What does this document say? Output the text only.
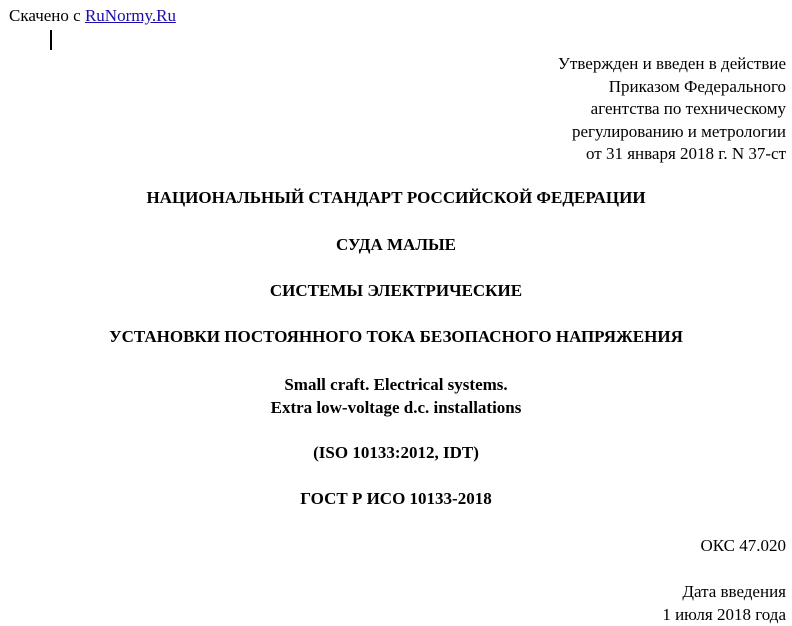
Скачено с RuNormy.Ru
Утвержден и введен в действие
Приказом Федерального
агентства по техническому
регулированию и метрологии
от 31 января 2018 г. N 37-ст
НАЦИОНАЛЬНЫЙ СТАНДАРТ РОССИЙСКОЙ ФЕДЕРАЦИИ
СУДА МАЛЫЕ
СИСТЕМЫ ЭЛЕКТРИЧЕСКИЕ
УСТАНОВКИ ПОСТОЯННОГО ТОКА БЕЗОПАСНОГО НАПРЯЖЕНИЯ
Small craft. Electrical systems.
Extra low-voltage d.c. installations
(ISO 10133:2012, IDT)
ГОСТ Р ИСО 10133-2018
ОКС 47.020
Дата введения
1 июля 2018 года
